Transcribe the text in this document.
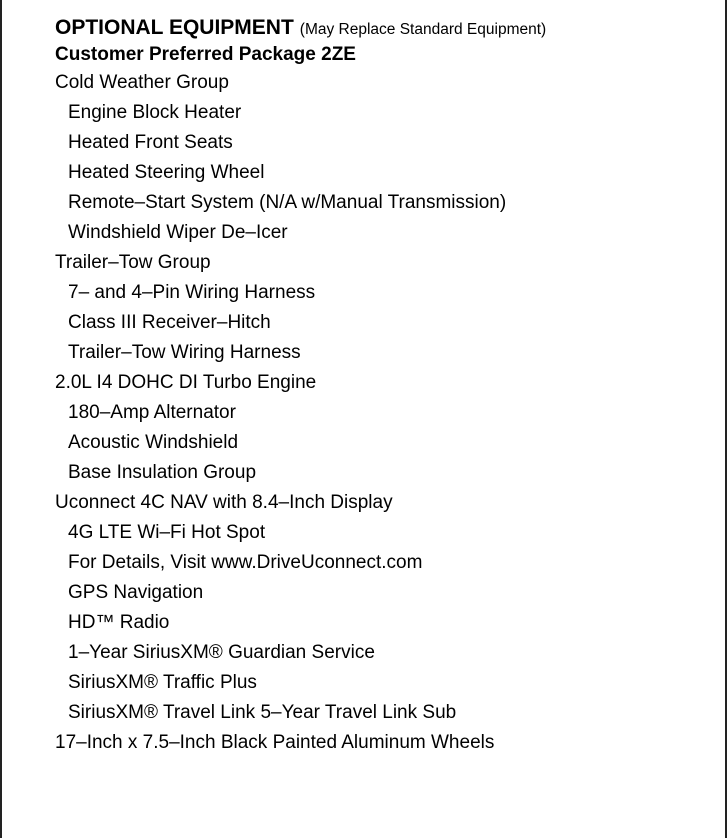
OPTIONAL EQUIPMENT (May Replace Standard Equipment)
Customer Preferred Package 2ZE
Cold Weather Group
Engine Block Heater
Heated Front Seats
Heated Steering Wheel
Remote–Start System (N/A w/Manual Transmission)
Windshield Wiper De–Icer
Trailer–Tow Group
7– and 4–Pin Wiring Harness
Class III Receiver–Hitch
Trailer–Tow Wiring Harness
2.0L I4 DOHC DI Turbo Engine
180–Amp Alternator
Acoustic Windshield
Base Insulation Group
Uconnect 4C NAV with 8.4–Inch Display
4G LTE Wi–Fi Hot Spot
For Details, Visit www.DriveUconnect.com
GPS Navigation
HD™ Radio
1–Year SiriusXM® Guardian Service
SiriusXM® Traffic Plus
SiriusXM® Travel Link 5–Year Travel Link Sub
17–Inch x 7.5–Inch Black Painted Aluminum Wheels
